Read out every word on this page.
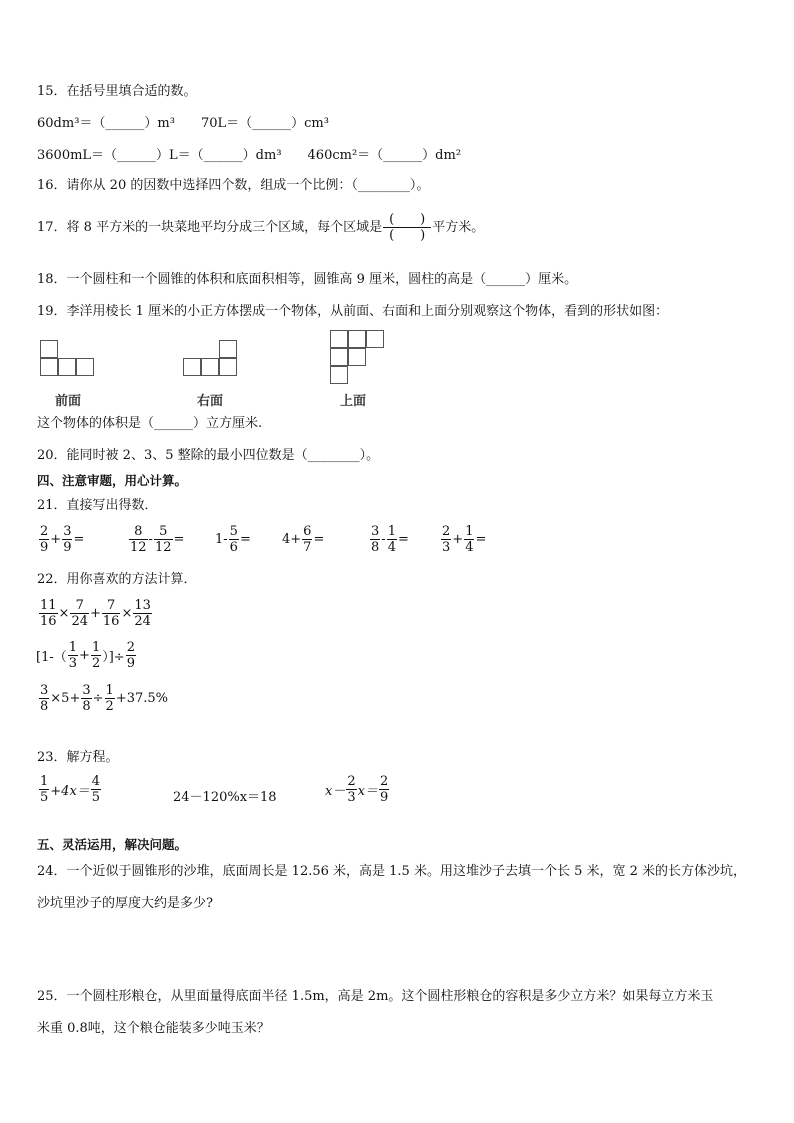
15．在括号里填合适的数。
60dm³＝（______）m³　　70L＝（______）cm³
3600mL＝（______）L＝（______）dm³　　460cm²＝（______）dm²
16．请你从 20 的因数中选择四个数，组成一个比例：（________）。
17．将 8 平方米的一块菜地平均分成三个区域，每个区域是 $\frac{( )}{( )}$ 平方米。
18．一个圆柱和一个圆锥的体积和底面积相等，圆锥高 9 厘米，圆柱的高是（______）厘米。
19．李洋用棱长 1 厘米的小正方体摆成一个物体，从前面、右面和上面分别观察这个物体，看到的形状如图：
前面	右面	上面
这个物体的体积是（______）立方厘米.
20．能同时被 2、3、5 整除的最小四位数是（________）。
四、注意审题，用心计算。
21．直接写出得数．
$\frac{2}{9} + \frac{3}{9}$ =	$\frac{8}{12} - \frac{5}{12} = 1- \frac{5}{6} = 4+ \frac{6}{7}$ =	$\frac{3}{8} - \frac{1}{4} = \frac{2}{3} + \frac{1}{4}$ =
22．用你喜欢的方法计算．
$\frac{11}{16} \times \frac{7}{24} + \frac{7}{16} \times \frac{13}{24}$
[$1-( \frac{1}{3} + \frac{1}{2}$ ）]÷ $\frac{2}{9}$
$\frac{3}{8} \times 5+ \frac{3}{8} \div \frac{1}{2} +37.5\%$
23．解方程。
$\frac{1}{5} +4x= \frac{4}{5}$	24－120%x＝18	$x- \frac{2}{3} x= \frac{2}{9}$
五、灵活运用，解决问题。
24．一个近似于圆锥形的沙堆，底面周长是 12.56 米，高是 1.5 米。用这堆沙子去填一个长 5 米，宽 2 米的长方体沙坑，
沙坑里沙子的厚度大约是多少?
25．一个圆柱形粮仓，从里面量得底面半径 1.5m，高是 2m。这个圆柱形粮仓的容积是多少立方米？如果每立方米玉
米重 0.8吨，这个粮仓能装多少吨玉米？
